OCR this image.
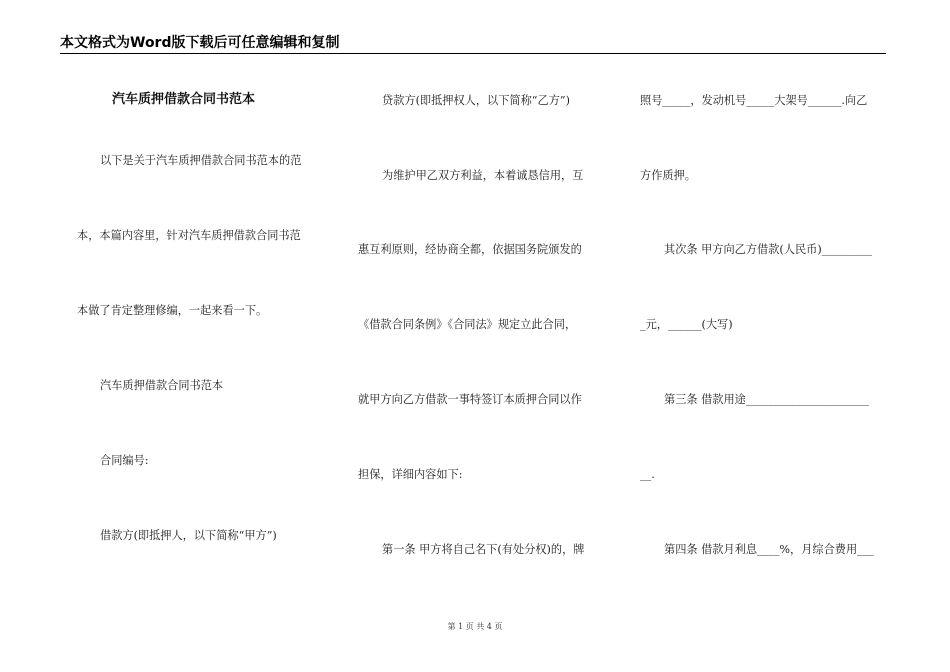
本文格式为Word版下载后可任意编辑和复制
汽车质押借款合同书范本
以下是关于汽车质押借款合同书范本的范
本，本篇内容里，针对汽车质押借款合同书范
本做了肯定整理修编，一起来看一下。
汽车质押借款合同书范本
合同编号:
借款方(即抵押人，以下简称“甲方”)
贷款方(即抵押权人，以下简称“乙方”)
为维护甲乙双方利益，本着诚恳信用，互
惠互利原则，经协商全都，依据国务院颁发的
《借款合同条例》《合同法》规定立此合同，
就甲方向乙方借款一事特签订本质押合同以作
担保，详细内容如下:
第一条 甲方将自己名下(有处分权)的，牌
照号_____，发动机号_____大架号______.向乙
方作质押。
其次条 甲方向乙方借款(人民币)_________
_元，______(大写)
第三条 借款用途______________________
__.
第四条 借款月利息____%，月综合费用___
第 1 页 共 4 页
